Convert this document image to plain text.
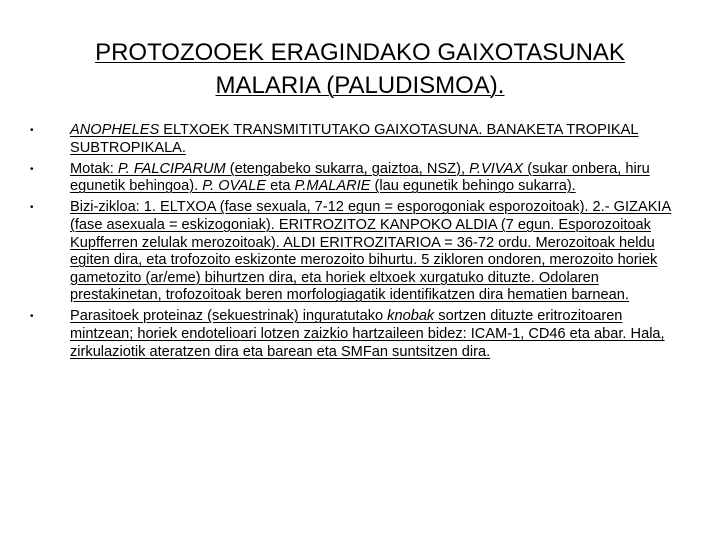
PROTOZOOEK ERAGINDAKO GAIXOTASUNAK
MALARIA (PALUDISMOA).
• ANOPHELES ELTXOEK TRANSMITITUTAKO GAIXOTASUNA. BANAKETA TROPIKAL SUBTROPIKALA.
• Motak: P. FALCIPARUM (etengabeko sukarra, gaiztoa, NSZ), P.VIVAX (sukar onbera, hiru egunetik behingoa). P. OVALE eta P.MALARIE (lau egunetik behingo sukarra).
• Bizi-zikloa: 1. ELTXOA (fase sexuala, 7-12 egun = esporogoniak esporozoitoak). 2.- GIZAKIA (fase asexuala = eskizogoniak). ERITROZITOZ KANPOKO ALDIA (7 egun. Esporozoitoak Kupfferren zelulak merozoitoak). ALDI ERITROZITARIOA = 36-72 ordu. Merozoitoak heldu egiten dira, eta trofozoito eskizonte merozoito bihurtu. 5 zikloren ondoren, merozoito horiek gametozito (ar/eme) bihurtzen dira, eta horiek eltxoek xurgatuko dituzte. Odolaren prestakinetan, trofozoitoak beren morfologiagatik identifikatzen dira hematien barnean.
• Parasitoek proteinaz (sekuestrinak) inguratutako knobak sortzen dituzte eritrozitoaren mintzean; horiek endotelioari lotzen zaizkio hartzaileen bidez: ICAM-1, CD46 eta abar. Hala, zirkulaziotik ateratzen dira eta barean eta SMFan suntsitzen dira.
